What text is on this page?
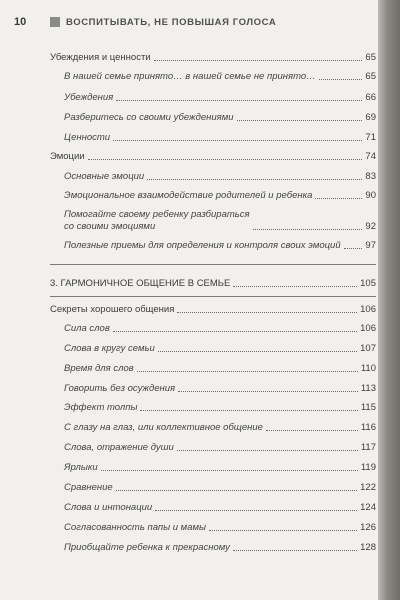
10	ВОСПИТЫВАТЬ, НЕ ПОВЫШАЯ ГОЛОСА
Убеждения и ценности	65
В нашей семье принято… в нашей семье не принято…	65
Убеждения	66
Разберитесь со своими убеждениями	69
Ценности	71
Эмоции	74
Основные эмоции	83
Эмоциональное взаимодействие родителей и ребенка	90
Помогайте своему ребенку разбираться
со своими эмоциями	92
Полезные приемы для определения и контроля своих эмоций	97
3. ГАРМОНИЧНОЕ ОБЩЕНИЕ В СЕМЬЕ	105
Секреты хорошего общения	106
Сила слов	106
Слова в кругу семьи	107
Время для слов	110
Говорить без осуждения	113
Эффект толпы	115
С глазу на глаз, или коллективное общение	116
Слова, отражение души	117
Ярлыки	119
Сравнение	122
Слова и интонации	124
Согласованность папы и мамы	126
Приобщайте ребенка к прекрасному	128
